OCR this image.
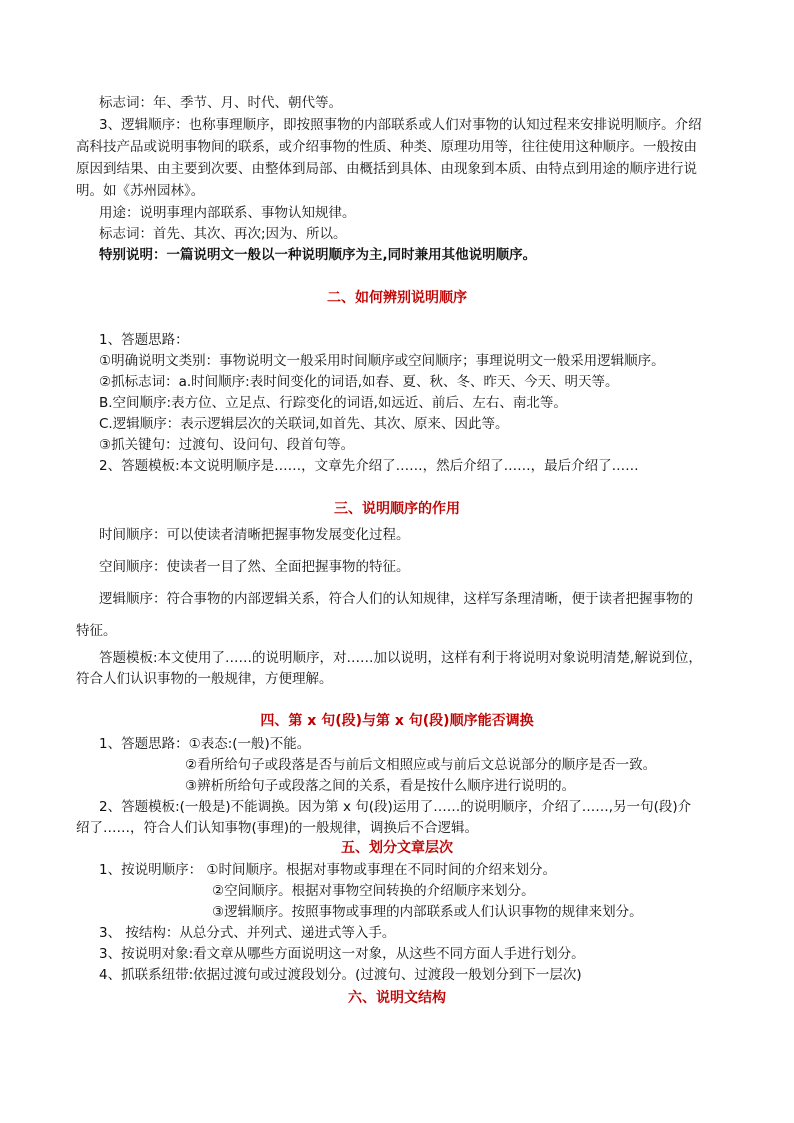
标志词：年、季节、月、时代、朝代等。
3、逻辑顺序：也称事理顺序，即按照事物的内部联系或人们对事物的认知过程来安排说明顺序。介绍
高科技产品或说明事物间的联系，或介绍事物的性质、种类、原理功用等，往往使用这种顺序。一般按由
原因到结果、由主要到次要、由整体到局部、由概括到具体、由现象到本质、由特点到用途的顺序进行说
明。如《苏州园林》。
用途：说明事理内部联系、事物认知规律。
标志词：首先、其次、再次;因为、所以。
特别说明：一篇说明文一般以一种说明顺序为主,同时兼用其他说明顺序。
二、如何辨别说明顺序
1、答题思路：
①明确说明文类别：事物说明文一般采用时间顺序或空间顺序；事理说明文一般采用逻辑顺序。
②抓标志词：a.时间顺序:表时间变化的词语,如春、夏、秋、冬、昨天、今天、明天等。
B.空间顺序:表方位、立足点、行踪变化的词语,如远近、前后、左右、南北等。
C.逻辑顺序：表示逻辑层次的关联词,如首先、其次、原来、因此等。
③抓关键句：过渡句、设问句、段首句等。
2、答题模板:本文说明顺序是……，文章先介绍了……，然后介绍了……，最后介绍了……
三、说明顺序的作用
时间顺序：可以使读者清晰把握事物发展变化过程。
空间顺序：使读者一目了然、全面把握事物的特征。
逻辑顺序：符合事物的内部逻辑关系，符合人们的认知规律，这样写条理清晰，便于读者把握事物的
特征。
答题模板:本文使用了……的说明顺序，对……加以说明，这样有利于将说明对象说明清楚,解说到位，
符合人们认识事物的一般规律，方便理解。
四、第 x 句(段)与第 x 句(段)顺序能否调换
1、答题思路：①表态:(一般)不能。
②看所给句子或段落是否与前后文相照应或与前后文总说部分的顺序是否一致。
③辨析所给句子或段落之间的关系，看是按什么顺序进行说明的。
2、答题模板:(一般是)不能调换。因为第 x 句(段)运用了……的说明顺序，介绍了……,另一句(段)介
绍了……，符合人们认知事物(事理)的一般规律，调换后不合逻辑。
五、划分文章层次
1、按说明顺序： ①时间顺序。根据对事物或事理在不同时间的介绍来划分。
②空间顺序。根据对事物空间转换的介绍顺序来划分。
③逻辑顺序。按照事物或事理的内部联系或人们认识事物的规律来划分。
3、 按结构：从总分式、并列式、递进式等入手。
3、按说明对象:看文章从哪些方面说明这一对象，从这些不同方面人手进行划分。
4、抓联系纽带:依据过渡句或过渡段划分。(过渡句、过渡段一般划分到下一层次)
六、说明文结构
